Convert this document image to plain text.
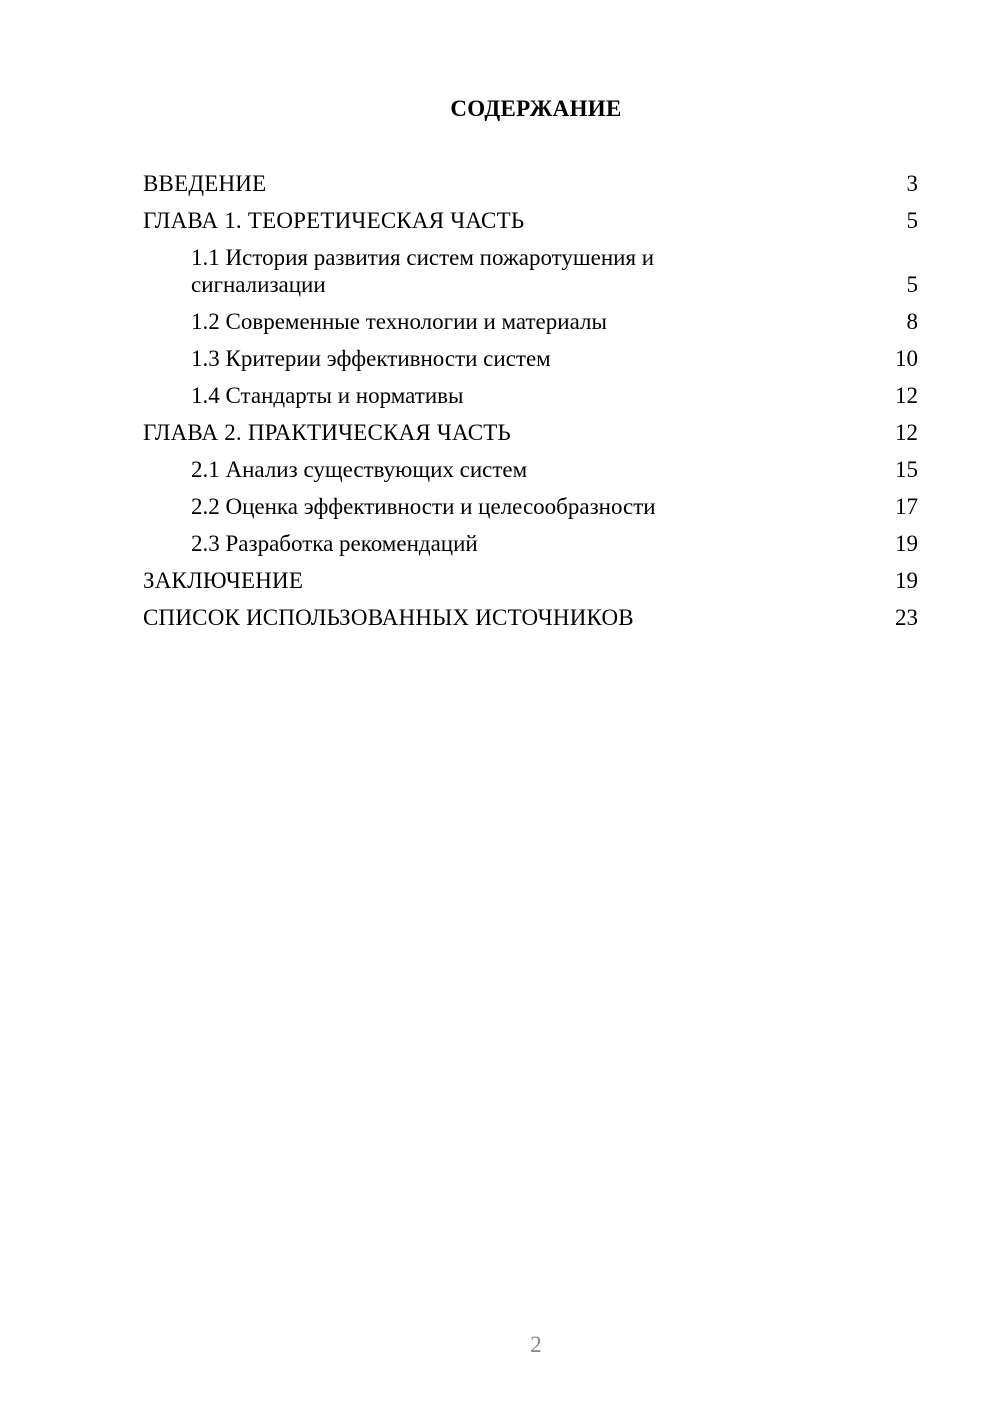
СОДЕРЖАНИЕ
ВВЕДЕНИЕ	3
ГЛАВА 1. ТЕОРЕТИЧЕСКАЯ ЧАСТЬ	5
1.1 История развития систем пожаротушения и сигнализации	5
1.2 Современные технологии и материалы	8
1.3 Критерии эффективности систем	10
1.4 Стандарты и нормативы	12
ГЛАВА 2. ПРАКТИЧЕСКАЯ ЧАСТЬ	12
2.1 Анализ существующих систем	15
2.2 Оценка эффективности и целесообразности	17
2.3 Разработка рекомендаций	19
ЗАКЛЮЧЕНИЕ	19
СПИСОК ИСПОЛЬЗОВАННЫХ ИСТОЧНИКОВ	23
2
